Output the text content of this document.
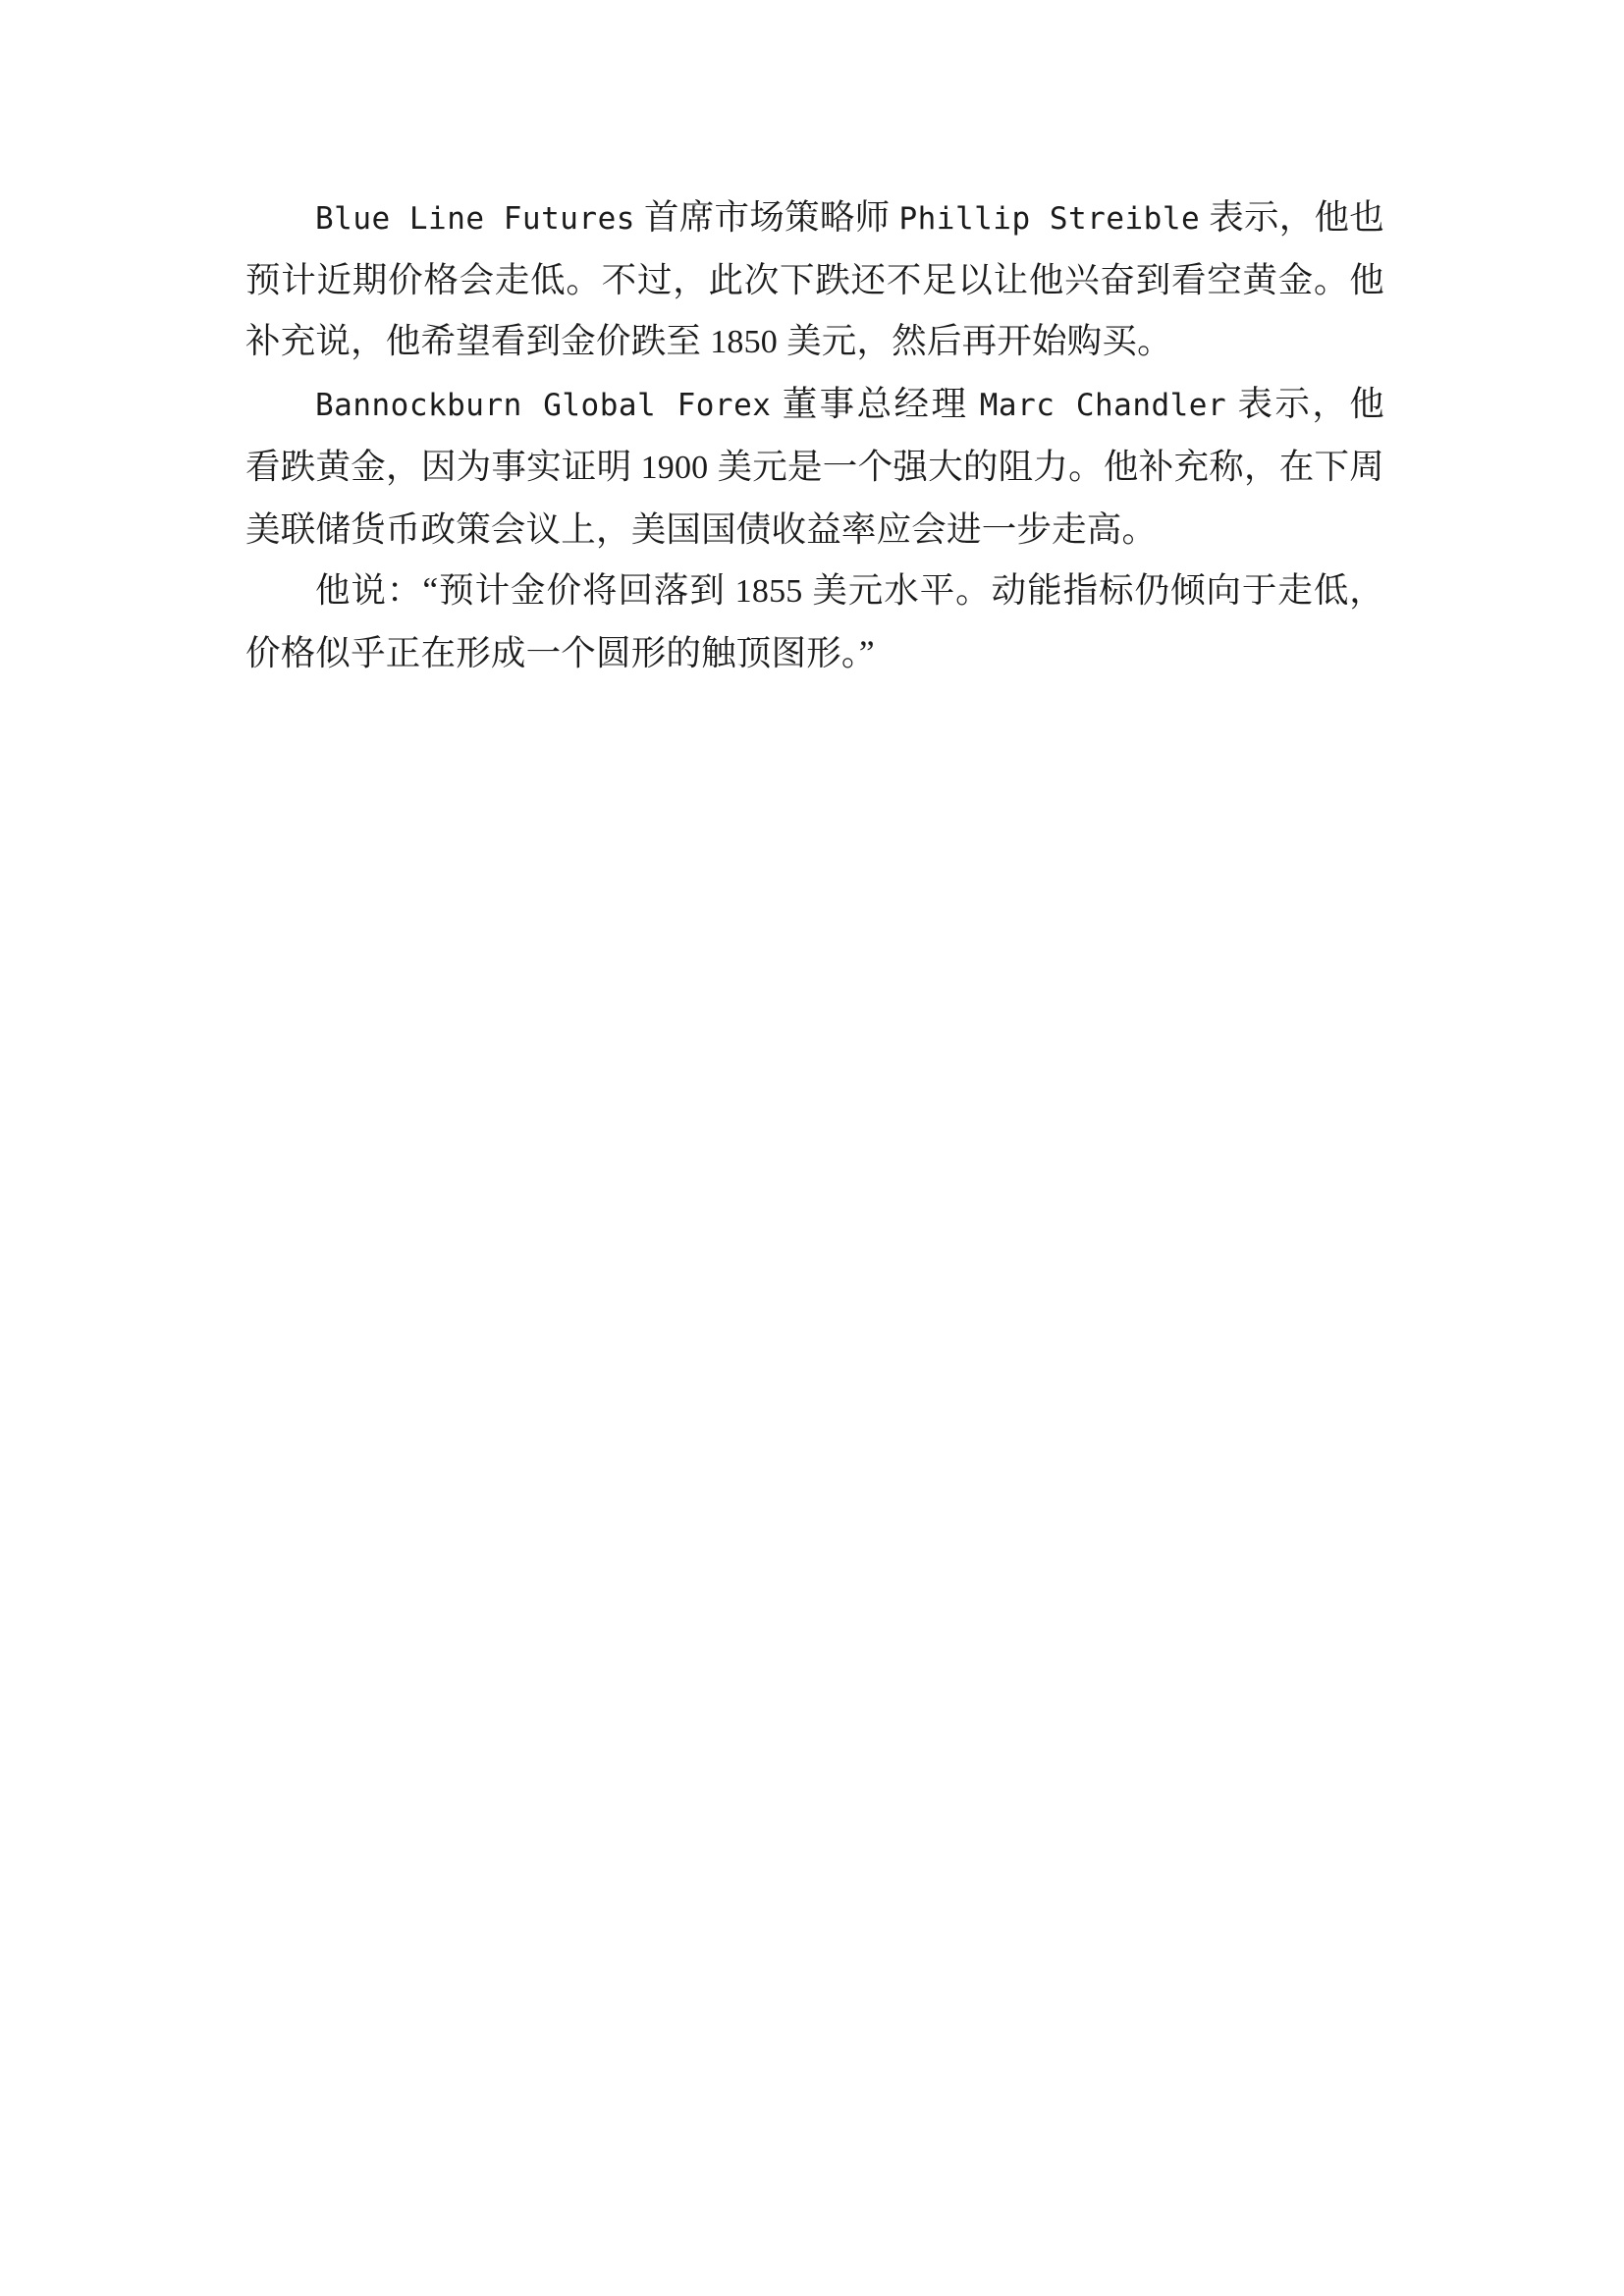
Blue Line Futures 首席市场策略师 Phillip Streible 表示，他也预计近期价格会走低。不过，此次下跌还不足以让他兴奋到看空黄金。他补充说，他希望看到金价跌至 1850 美元，然后再开始购买。

Bannockburn Global Forex 董事总经理 Marc Chandler 表示，他看跌黄金，因为事实证明 1900 美元是一个强大的阻力。他补充称，在下周美联储货币政策会议上，美国国债收益率应会进一步走高。

他说：“预计金价将回落到 1855 美元水平。动能指标仍倾向于走低，价格似乎正在形成一个圆形的触顶图形。”
